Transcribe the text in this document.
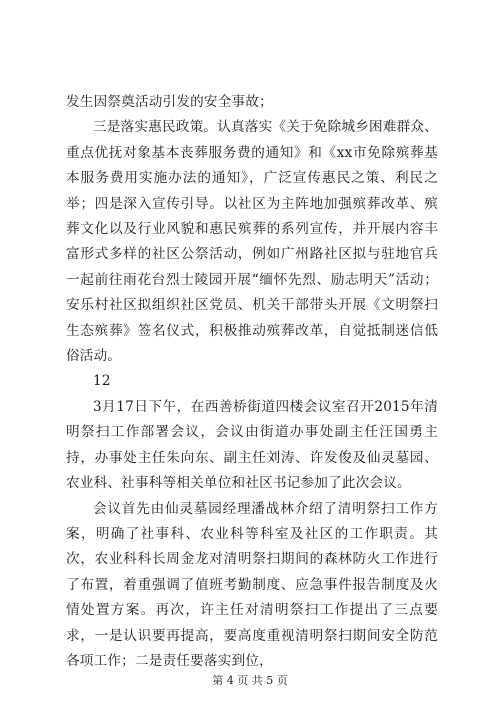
发生因祭奠活动引发的安全事故；

三是落实惠民政策。认真落实《关于免除城乡困难群众、重点优抚对象基本丧葬服务费的通知》和《xx市免除殡葬基本服务费用实施办法的通知》，广泛宣传惠民之策、利民之举；四是深入宣传引导。以社区为主阵地加强殡葬改革、殡葬文化以及行业风貌和惠民殡葬的系列宣传，并开展内容丰富形式多样的社区公祭活动，例如广州路社区拟与驻地官兵一起前往雨花台烈士陵园开展“缅怀先烈、励志明天”活动；安乐村社区拟组织社区党员、机关干部带头开展《文明祭扫生态殡葬》签名仪式，积极推动殡葬改革，自觉抵制迷信低俗活动。

12

3月17日下午，在西善桥街道四楼会议室召开2015年清明祭扫工作部署会议，会议由街道办事处副主任汪国勇主持，办事处主任朱向东、副主任刘涛、许发俊及仙灵墓园、农业科、社事科等相关单位和社区书记参加了此次会议。

会议首先由仙灵墓园经理潘战林介绍了清明祭扫工作方案，明确了社事科、农业科等科室及社区的工作职责。其次，农业科科长周金龙对清明祭扫期间的森林防火工作进行了布置，着重强调了值班考勤制度、应急事件报告制度及火情处置方案。再次，许主任对清明祭扫工作提出了三点要求，一是认识要再提高，要高度重视清明祭扫期间安全防范各项工作；二是责任要落实到位，

第 4 页 共 5 页
